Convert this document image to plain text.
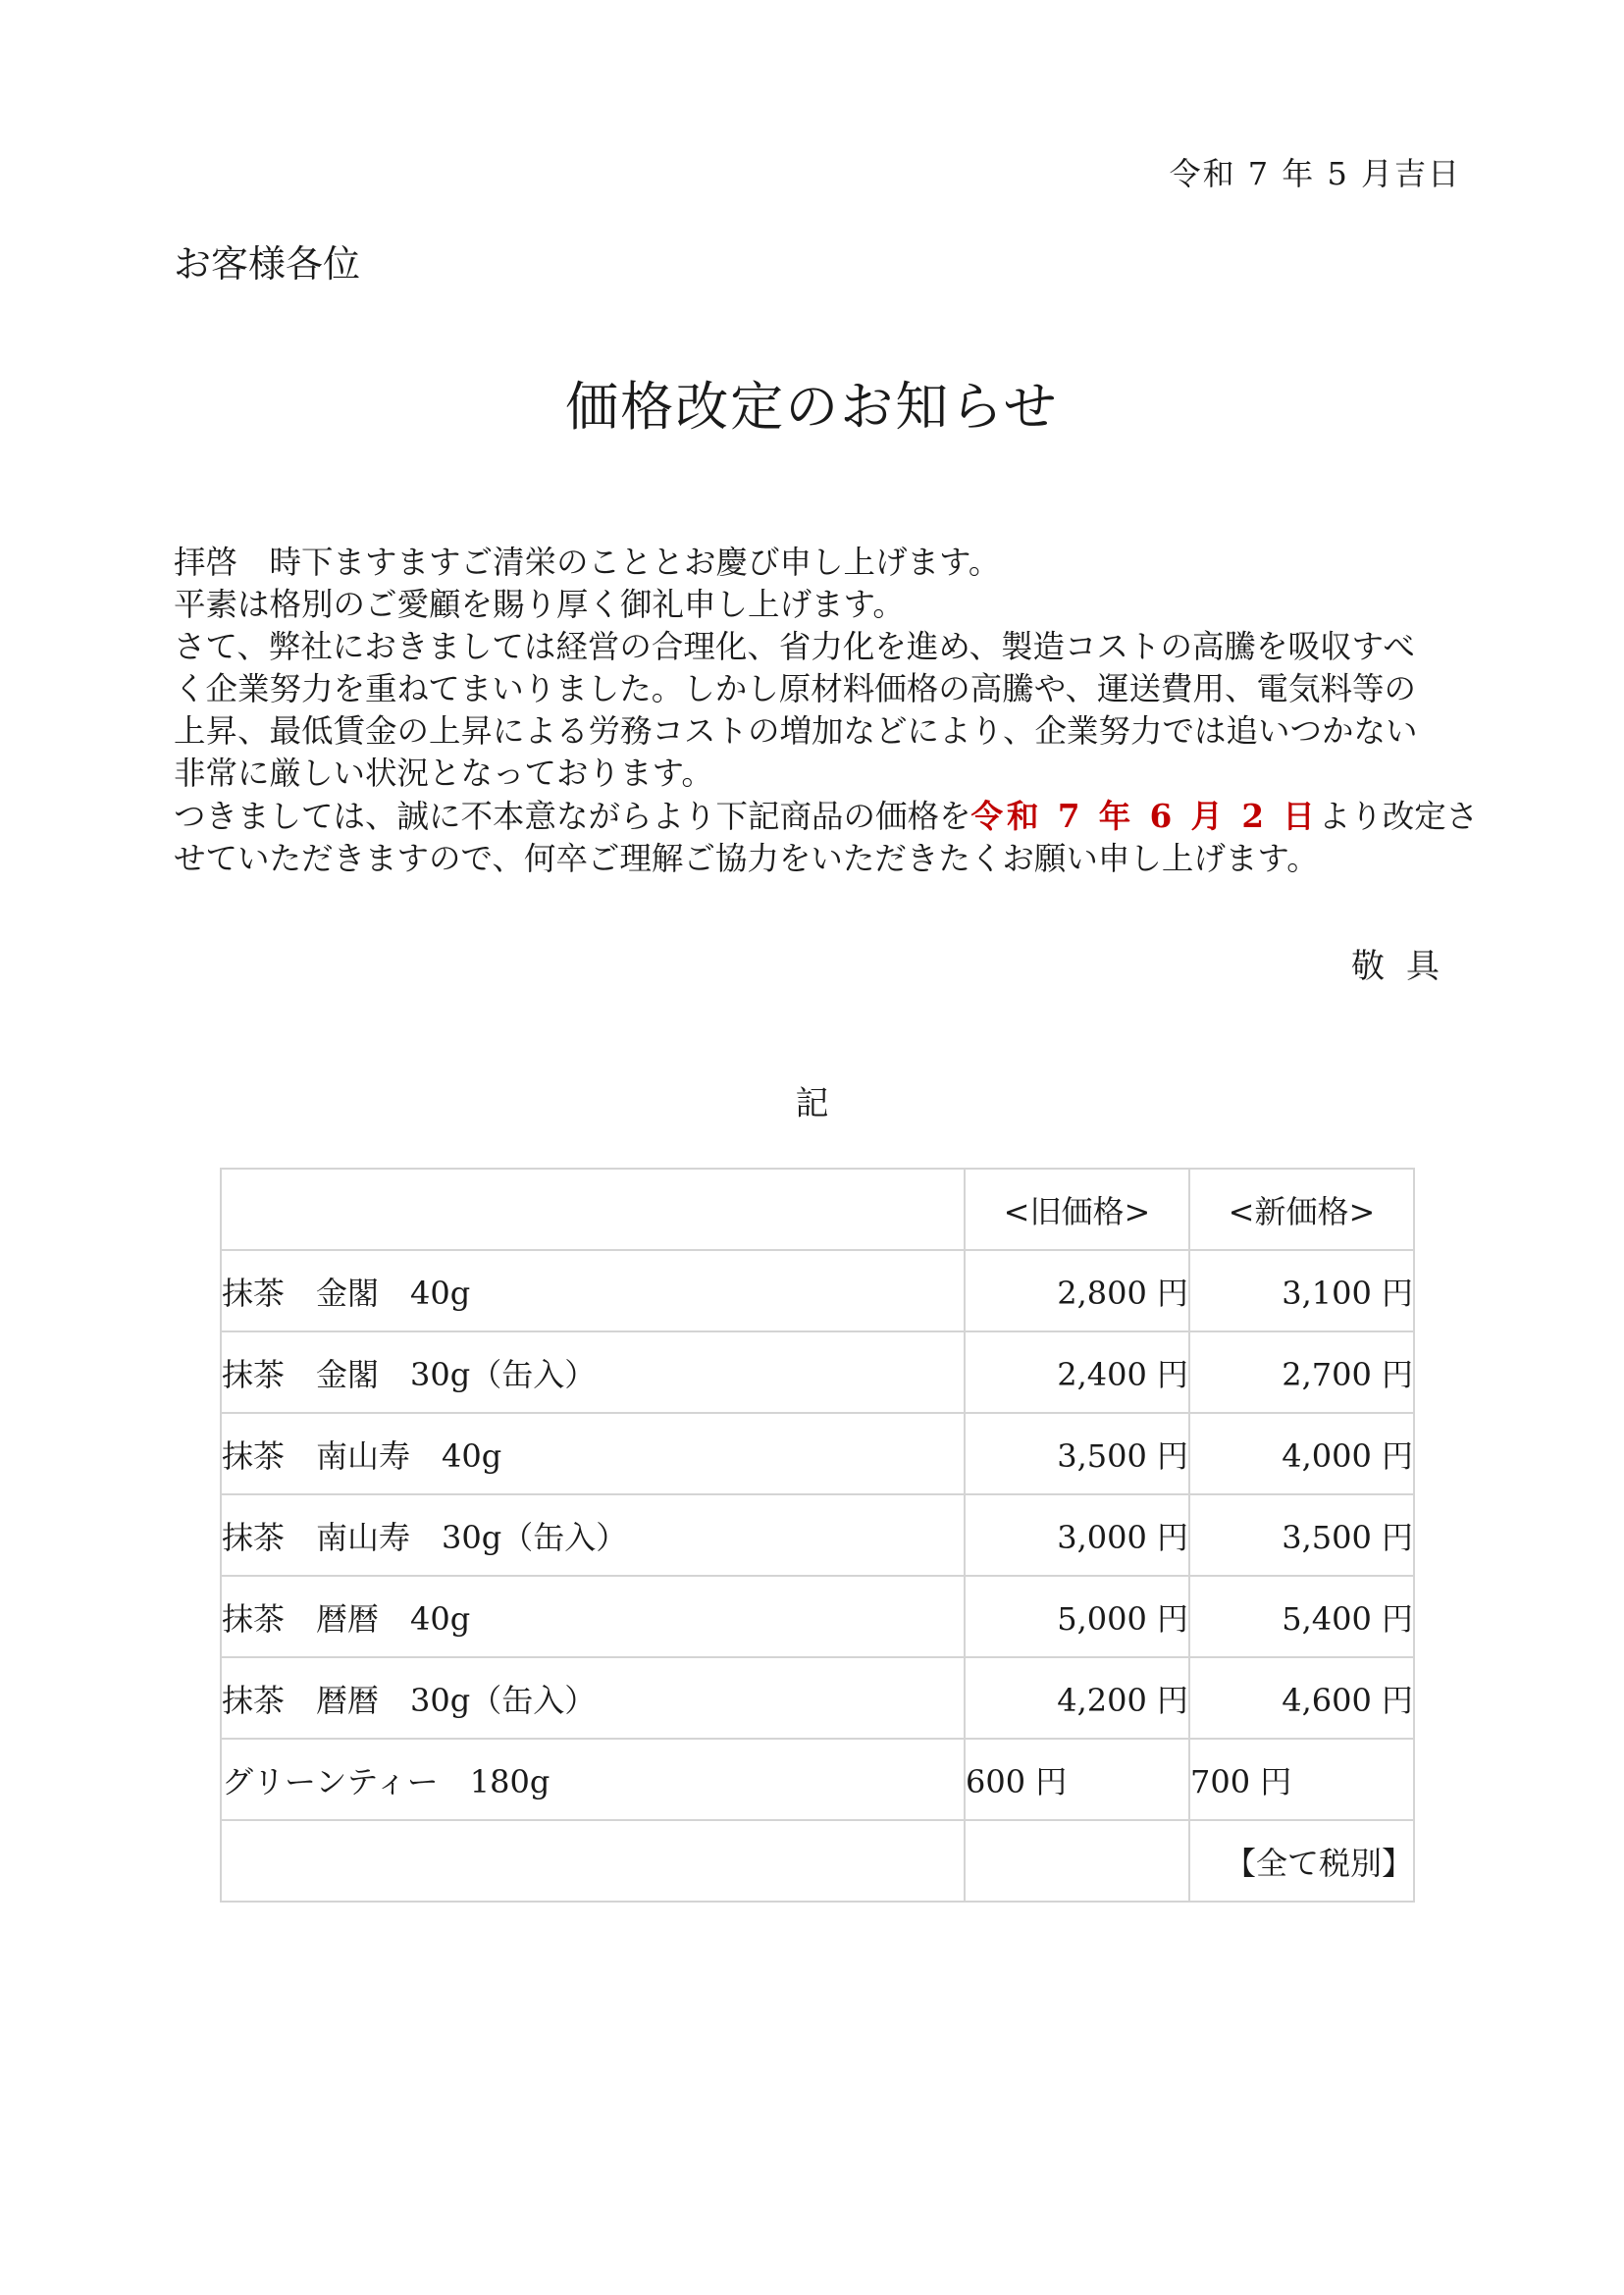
令和 7 年 5 月吉日
お客様各位
価格改定のお知らせ

拝啓　時下ますますご清栄のこととお慶び申し上げます。

平素は格別のご愛顧を賜り厚く御礼申し上げます。

さて、弊社におきましては経営の合理化、省力化を進め、製造コストの高騰を吸収すべ

く企業努力を重ねてまいりました。しかし原材料価格の高騰や、運送費用、電気料等の

上昇、最低賃金の上昇による労務コストの増加などにより、企業努力では追いつかない

非常に厳しい状況となっております。

つきましては、誠に不本意ながらより下記商品の価格を令和 7 年 6 月 2 日より改定さ

せていただきますので、何卒ご理解ご協力をいただきたくお願い申し上げます。

敬具
記
	<旧価格>	<新価格>
抹茶　金閣　40g	2,800 円	3,100 円
抹茶　金閣　30g（缶入）	2,400 円	2,700 円
抹茶　南山寿　40g	3,500 円	4,000 円
抹茶　南山寿　30g（缶入）	3,000 円	3,500 円
抹茶　暦暦　40g	5,000 円	5,400 円
抹茶　暦暦　30g（缶入）	4,200 円	4,600 円
グリーンティー　180g	600 円	700 円
		【全て税別】
